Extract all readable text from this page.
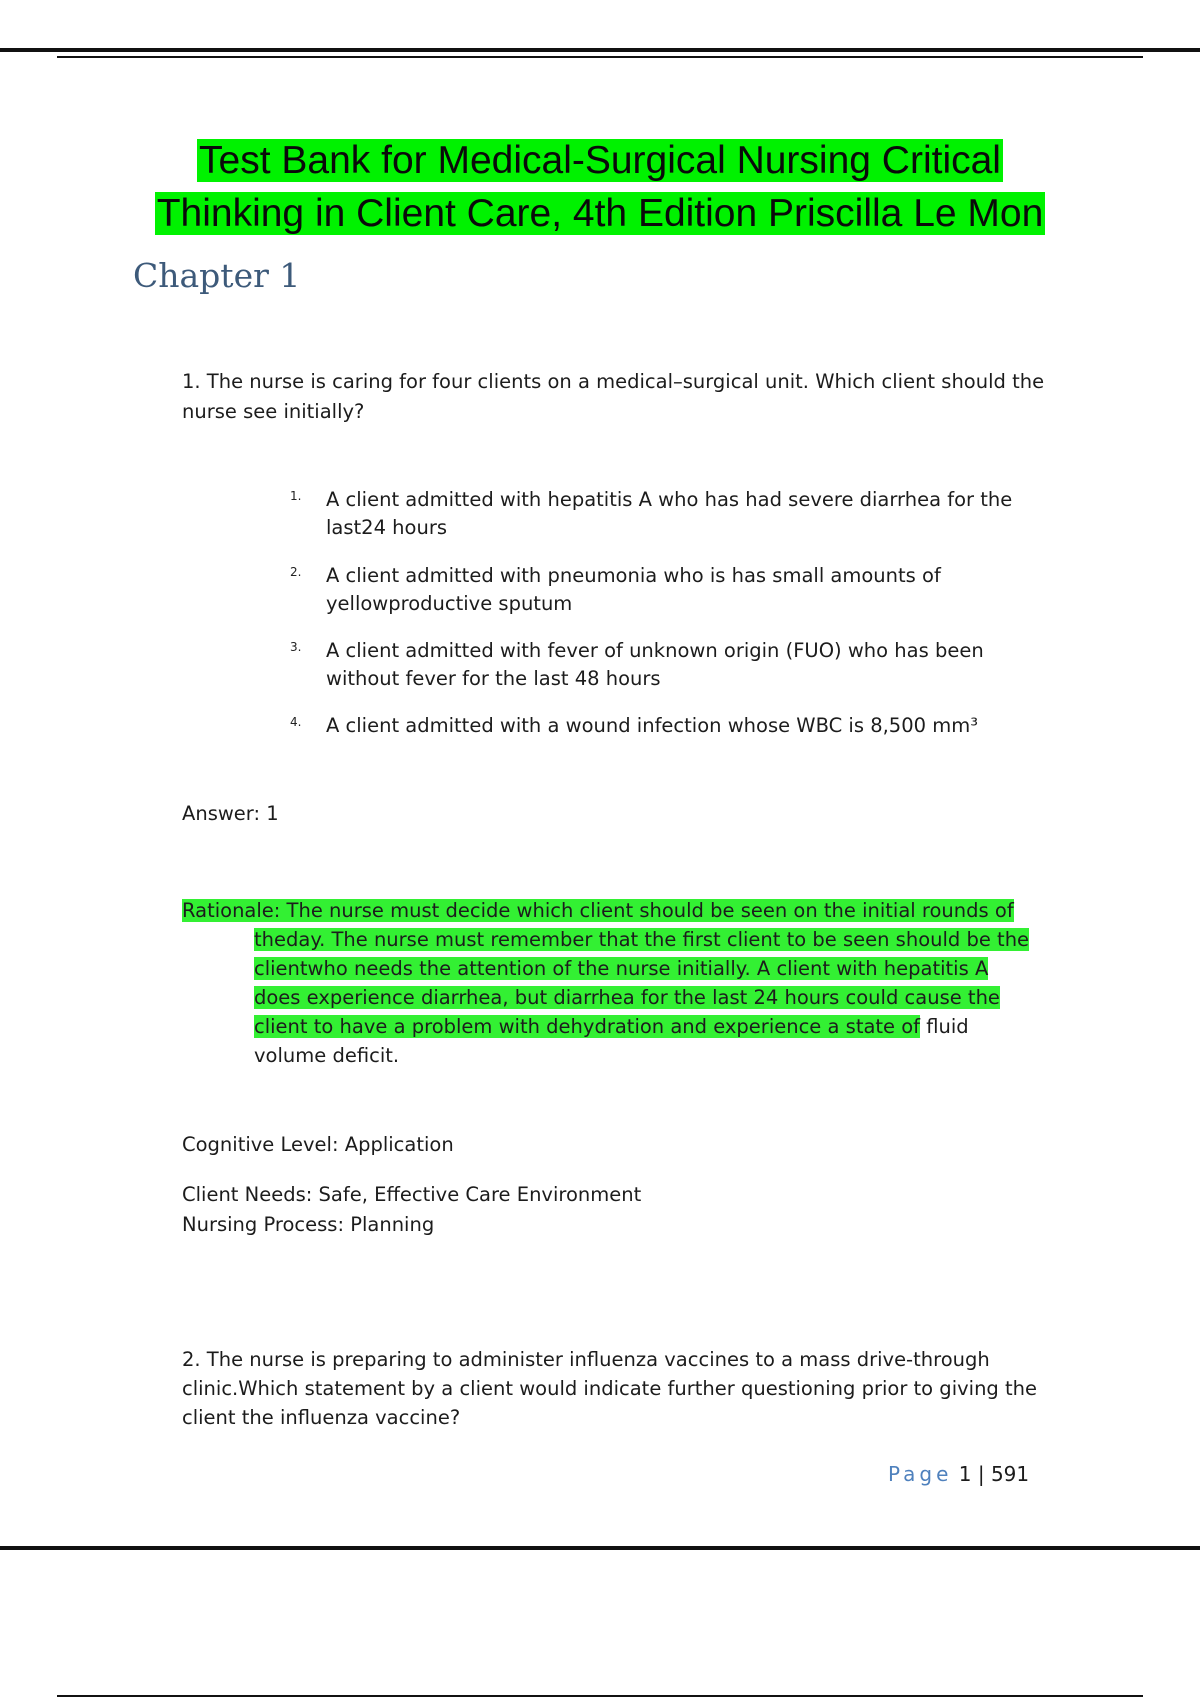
Test Bank for Medical-Surgical Nursing Critical
Thinking in Client Care, 4th Edition Priscilla Le Mon
Chapter 1
1. The nurse is caring for four clients on a medical–surgical unit. Which client should the nurse see initially?
1. A client admitted with hepatitis A who has had severe diarrhea for the last24 hours
2. A client admitted with pneumonia who is has small amounts of yellowproductive sputum
3. A client admitted with fever of unknown origin (FUO) who has been without fever for the last 48 hours
4. A client admitted with a wound infection whose WBC is 8,500 mm³
Answer: 1
Rationale: The nurse must decide which client should be seen on the initial rounds of
theday. The nurse must remember that the first client to be seen should be the
clientwho needs the attention of the nurse initially. A client with hepatitis A
does experience diarrhea, but diarrhea for the last 24 hours could cause the
client to have a problem with dehydration and experience a state of fluid
volume deficit.
Cognitive Level: Application
Client Needs: Safe, Effective Care Environment
Nursing Process: Planning
2. The nurse is preparing to administer influenza vaccines to a mass drive-through clinic.Which statement by a client would indicate further questioning prior to giving the client the influenza vaccine?
Page 1 | 591
